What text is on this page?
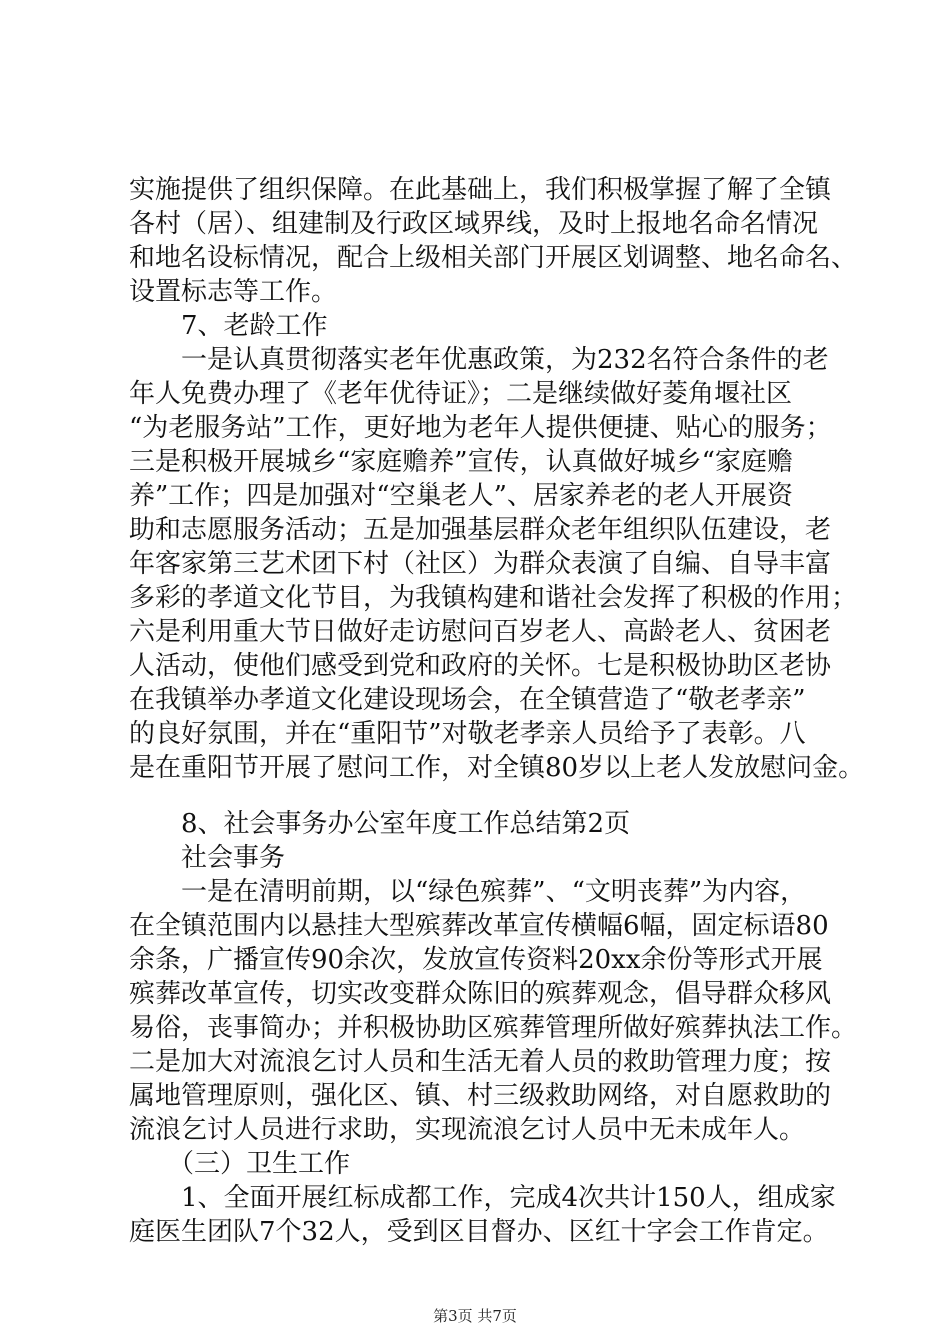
实施提供了组织保障。在此基础上，我们积极掌握了解了全镇
各村（居）、组建制及行政区域界线，及时上报地名命名情况
和地名设标情况，配合上级相关部门开展区划调整、地名命名、
设置标志等工作。
　　7、老龄工作
　　一是认真贯彻落实老年优惠政策，为232名符合条件的老
年人免费办理了《老年优待证》；二是继续做好菱角堰社区
“为老服务站”工作，更好地为老年人提供便捷、贴心的服务；
三是积极开展城乡“家庭赡养”宣传，认真做好城乡“家庭赡
养”工作；四是加强对“空巢老人”、居家养老的老人开展资
助和志愿服务活动；五是加强基层群众老年组织队伍建设，老
年客家第三艺术团下村（社区）为群众表演了自编、自导丰富
多彩的孝道文化节目，为我镇构建和谐社会发挥了积极的作用；
六是利用重大节日做好走访慰问百岁老人、高龄老人、贫困老
人活动，使他们感受到党和政府的关怀。七是积极协助区老协
在我镇举办孝道文化建设现场会，在全镇营造了“敬老孝亲”
的良好氛围，并在“重阳节”对敬老孝亲人员给予了表彰。八
是在重阳节开展了慰问工作，对全镇80岁以上老人发放慰问金。
　　8、社会事务办公室年度工作总结第2页
　　社会事务
　　一是在清明前期，以“绿色殡葬”、“文明丧葬”为内容，
在全镇范围内以悬挂大型殡葬改革宣传横幅6幅，固定标语80
余条，广播宣传90余次，发放宣传资料20xx余份等形式开展
殡葬改革宣传，切实改变群众陈旧的殡葬观念，倡导群众移风
易俗，丧事简办；并积极协助区殡葬管理所做好殡葬执法工作。
二是加大对流浪乞讨人员和生活无着人员的救助管理力度；按
属地管理原则，强化区、镇、村三级救助网络，对自愿救助的
流浪乞讨人员进行求助，实现流浪乞讨人员中无未成年人。
　　（三）卫生工作
　　1、全面开展红标成都工作，完成4次共计150人，组成家
庭医生团队7个32人，受到区目督办、区红十字会工作肯定。
第3页 共7页
